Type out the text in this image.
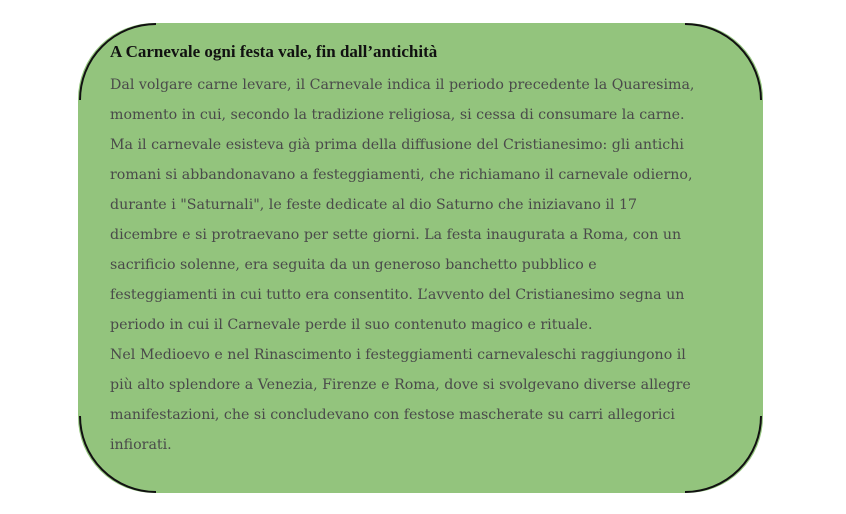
A Carnevale ogni festa vale, fin dall’antichità

Dal volgare carne levare, il Carnevale indica il periodo precedente la Quaresima,
momento in cui, secondo la tradizione religiosa, si cessa di consumare la carne.
Ma il carnevale esisteva già prima della diffusione del Cristianesimo: gli antichi
romani si abbandonavano a festeggiamenti, che richiamano il carnevale odierno,
durante i "Saturnali", le feste dedicate al dio Saturno che iniziavano il 17
dicembre e si protraevano per sette giorni. La festa inaugurata a Roma, con un
sacrificio solenne, era seguita da un generoso banchetto pubblico e
festeggiamenti in cui tutto era consentito. L’avvento del Cristianesimo segna un
periodo in cui il Carnevale perde il suo contenuto magico e rituale.

Nel Medioevo e nel Rinascimento i festeggiamenti carnevaleschi raggiungono il
più alto splendore a Venezia, Firenze e Roma, dove si svolgevano diverse allegre
manifestazioni, che si concludevano con festose mascherate su carri allegorici
infiorati.
